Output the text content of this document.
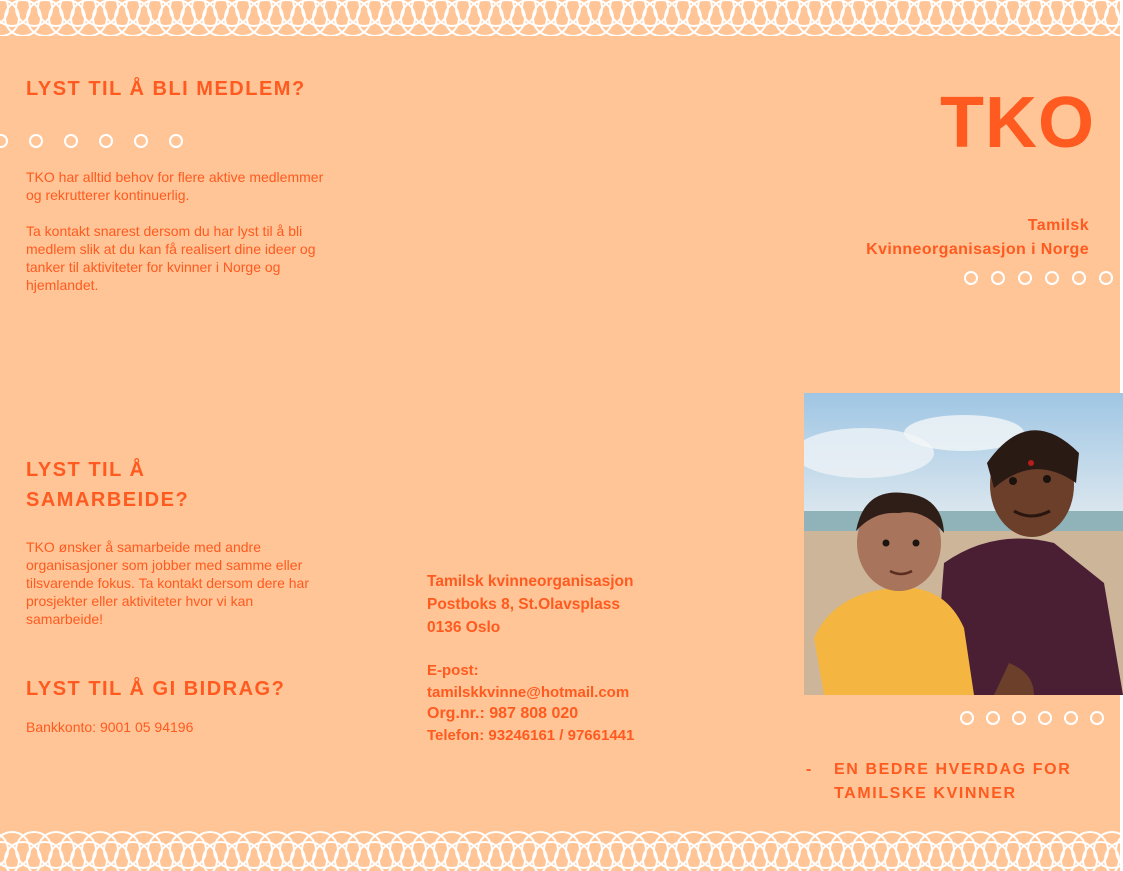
LYST TIL Å BLI MEDLEM?

TKO har alltid behov for flere aktive medlemmer og rekrutterer kontinuerlig.

Ta kontakt snarest dersom du har lyst til å bli medlem slik at du kan få realisert dine ideer og tanker til aktiviteter for kvinner i Norge og hjemlandet.

LYST TIL Å
SAMARBEIDE?

TKO ønsker å samarbeide med andre organisasjoner som jobber med samme eller tilsvarende fokus. Ta kontakt dersom dere har prosjekter eller aktiviteter hvor vi kan samarbeide!

LYST TIL Å GI BIDRAG?

Bankkonto: 9001 05 94196

Tamilsk kvinneorganisasjon
Postboks 8, St.Olavsplass
0136 Oslo
E-post:
tamilskkvinne@hotmail.com
Org.nr.: 987 808 020
Telefon: 93246161 / 97661441
TKO
Tamilsk
Kvinneorganisasjon i Norge
- EN BEDRE HVERDAG FOR
TAMILSKE KVINNER
